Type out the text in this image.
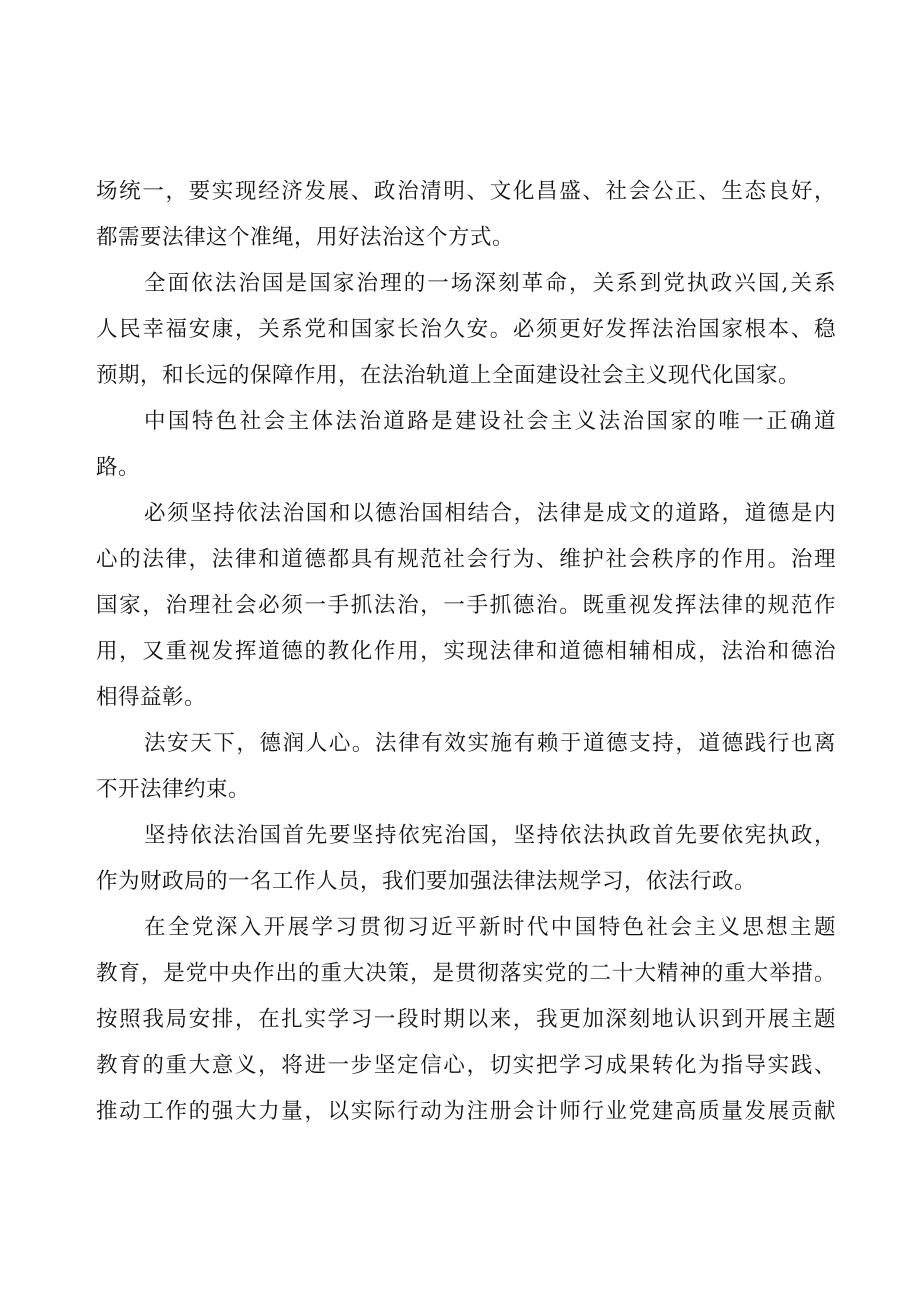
场统一，要实现经济发展、政治清明、文化昌盛、社会公正、生态良好，
都需要法律这个准绳，用好法治这个方式。
全面依法治国是国家治理的一场深刻革命，关系到党执政兴国,关系
人民幸福安康，关系党和国家长治久安。必须更好发挥法治国家根本、稳
预期，和长远的保障作用，在法治轨道上全面建设社会主义现代化国家。
中国特色社会主体法治道路是建设社会主义法治国家的唯一正确道
路。
必须坚持依法治国和以德治国相结合，法律是成文的道路，道德是内
心的法律，法律和道德都具有规范社会行为、维护社会秩序的作用。治理
国家，治理社会必须一手抓法治，一手抓德治。既重视发挥法律的规范作
用，又重视发挥道德的教化作用，实现法律和道德相辅相成，法治和德治
相得益彰。
法安天下，德润人心。法律有效实施有赖于道德支持，道德践行也离
不开法律约束。
坚持依法治国首先要坚持依宪治国，坚持依法执政首先要依宪执政，
作为财政局的一名工作人员，我们要加强法律法规学习，依法行政。
在全党深入开展学习贯彻习近平新时代中国特色社会主义思想主题
教育，是党中央作出的重大决策，是贯彻落实党的二十大精神的重大举措。
按照我局安排，在扎实学习一段时期以来，我更加深刻地认识到开展主题
教育的重大意义，将进一步坚定信心，切实把学习成果转化为指导实践、
推动工作的强大力量，以实际行动为注册会计师行业党建高质量发展贡献
